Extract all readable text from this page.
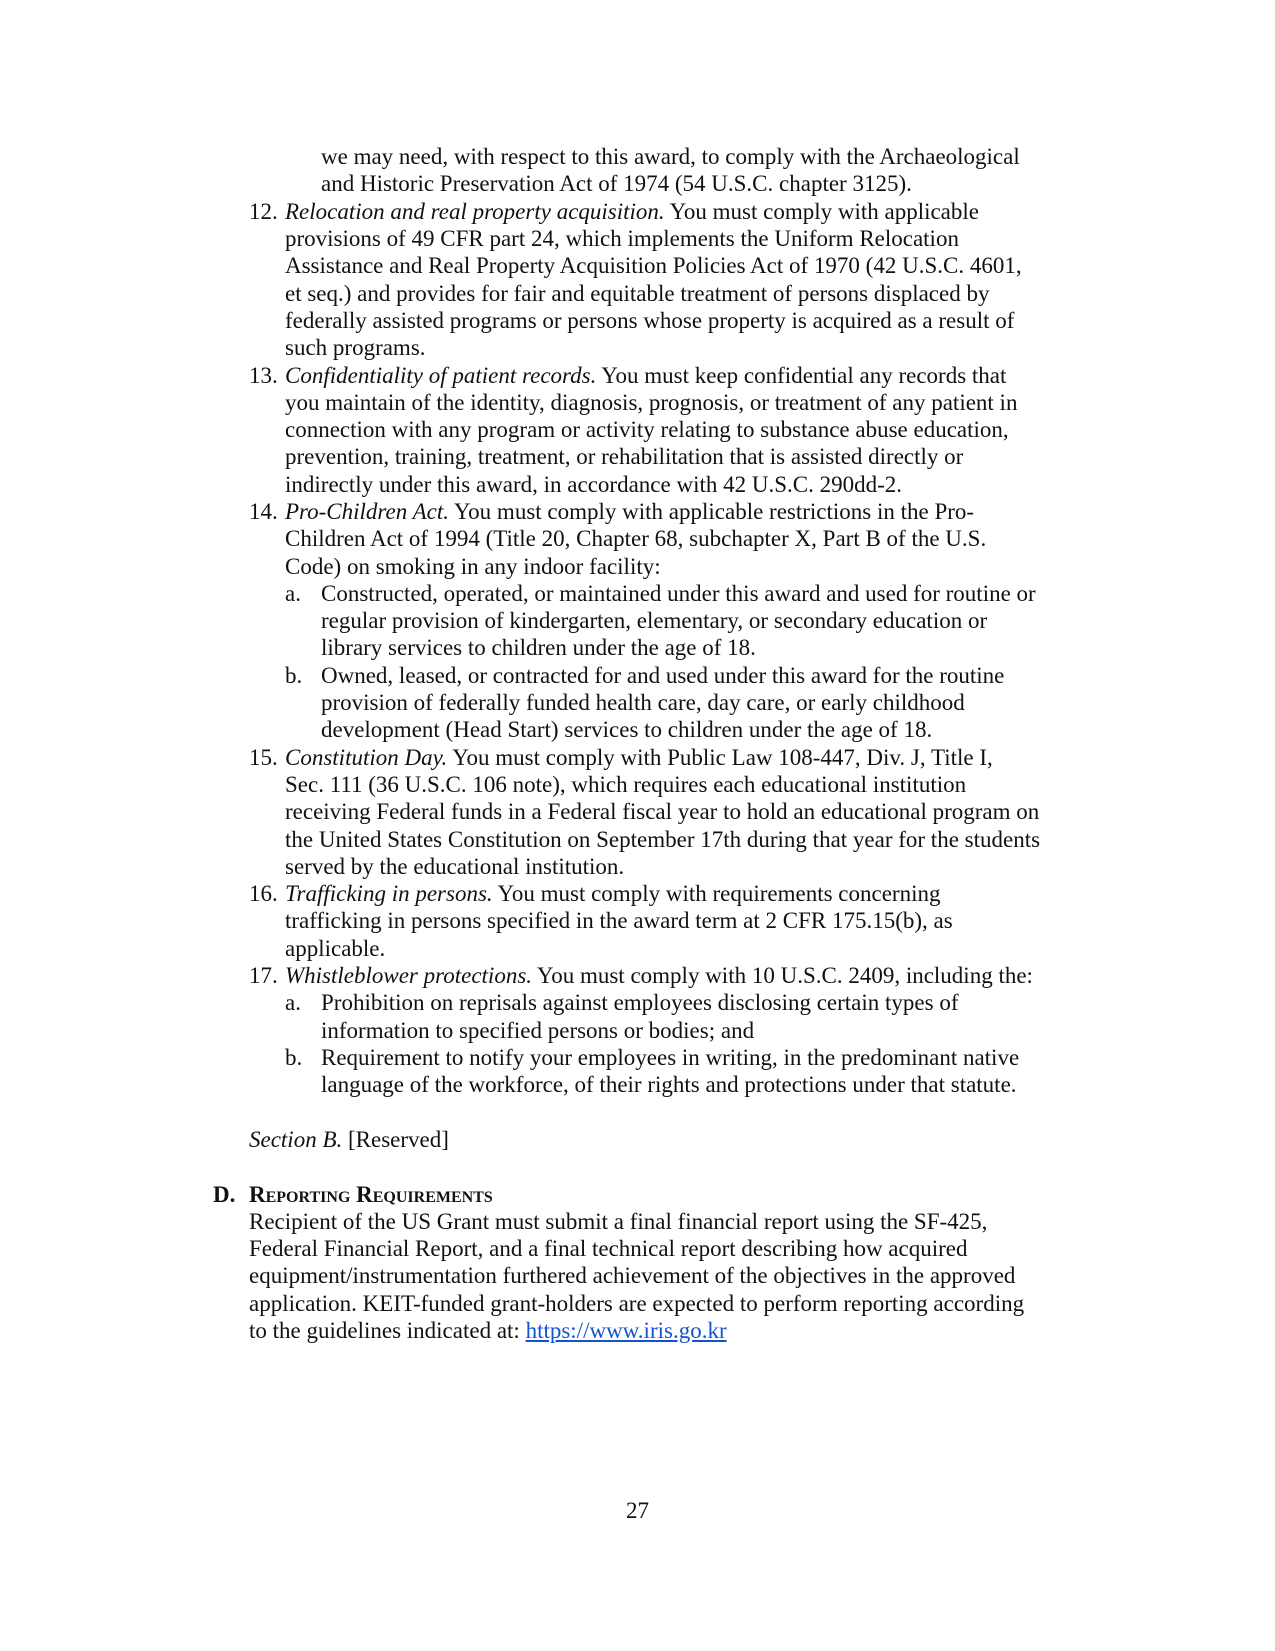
we may need, with respect to this award, to comply with the Archaeological
and Historic Preservation Act of 1974 (54 U.S.C. chapter 3125).
12. Relocation and real property acquisition. You must comply with applicable
provisions of 49 CFR part 24, which implements the Uniform Relocation
Assistance and Real Property Acquisition Policies Act of 1970 (42 U.S.C. 4601,
et seq.) and provides for fair and equitable treatment of persons displaced by
federally assisted programs or persons whose property is acquired as a result of
such programs.
13. Confidentiality of patient records. You must keep confidential any records that
you maintain of the identity, diagnosis, prognosis, or treatment of any patient in
connection with any program or activity relating to substance abuse education,
prevention, training, treatment, or rehabilitation that is assisted directly or
indirectly under this award, in accordance with 42 U.S.C. 290dd-2.
14. Pro-Children Act. You must comply with applicable restrictions in the Pro-
Children Act of 1994 (Title 20, Chapter 68, subchapter X, Part B of the U.S.
Code) on smoking in any indoor facility:
a. Constructed, operated, or maintained under this award and used for routine or
regular provision of kindergarten, elementary, or secondary education or
library services to children under the age of 18.
b. Owned, leased, or contracted for and used under this award for the routine
provision of federally funded health care, day care, or early childhood
development (Head Start) services to children under the age of 18.
15. Constitution Day. You must comply with Public Law 108-447, Div. J, Title I,
Sec. 111 (36 U.S.C. 106 note), which requires each educational institution
receiving Federal funds in a Federal fiscal year to hold an educational program on
the United States Constitution on September 17th during that year for the students
served by the educational institution.
16. Trafficking in persons. You must comply with requirements concerning
trafficking in persons specified in the award term at 2 CFR 175.15(b), as
applicable.
17. Whistleblower protections. You must comply with 10 U.S.C. 2409, including the:
a. Prohibition on reprisals against employees disclosing certain types of
information to specified persons or bodies; and
b. Requirement to notify your employees in writing, in the predominant native
language of the workforce, of their rights and protections under that statute.
Section B. [Reserved]
D. Reporting Requirements
Recipient of the US Grant must submit a final financial report using the SF-425,
Federal Financial Report, and a final technical report describing how acquired
equipment/instrumentation furthered achievement of the objectives in the approved
application. KEIT-funded grant-holders are expected to perform reporting according
to the guidelines indicated at: https://www.iris.go.kr
27
